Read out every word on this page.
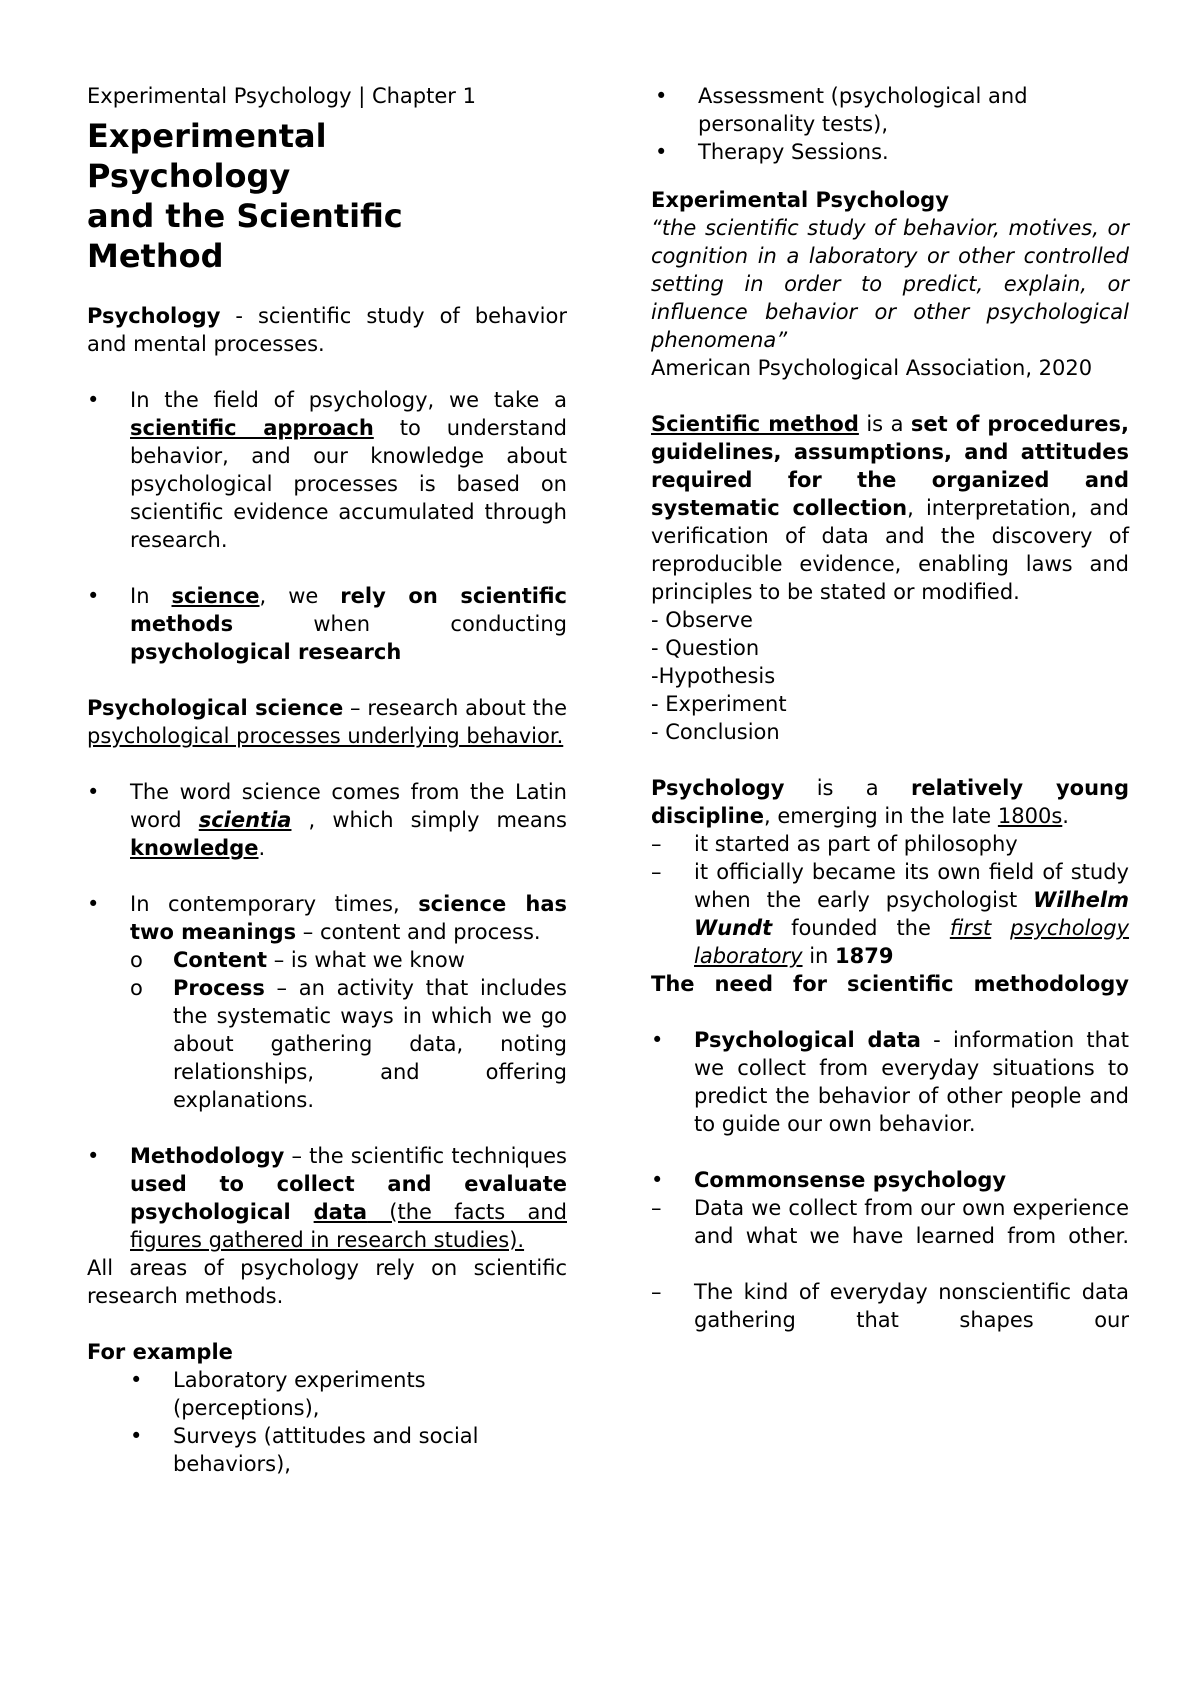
Experimental Psychology | Chapter 1
Experimental
Psychology
and the Scientific
Method

Psychology - scientific study of behavior and mental processes.

•	In the field of psychology, we take a scientific approach to understand behavior, and our knowledge about psychological processes is based on scientific evidence accumulated through research.

•	In science, we rely on scientific methods when conducting psychological research

Psychological science – research about the psychological processes underlying behavior.

•	The word science comes from the Latin word scientia , which simply means knowledge.

•	In contemporary times, science has two meanings – content and process.

o	Content – is what we know

o	Process – an activity that includes the systematic ways in which we go about gathering data, noting relationships, and offering explanations.

•	Methodology – the scientific techniques used to collect and evaluate psychological data (the facts and figures gathered in research studies).

All areas of psychology rely on scientific research methods.

For example

•	Laboratory experiments (perceptions),

•	Surveys (attitudes and social behaviors),

•	Assessment (psychological and personality tests),

•	Therapy Sessions.

Experimental Psychology

“the scientific study of behavior, motives, or cognition in a laboratory or other controlled setting in order to predict, explain, or influence behavior or other psychological phenomena”

American Psychological Association, 2020

Scientific method is a set of procedures, guidelines, assumptions, and attitudes required for the organized and systematic collection, interpretation, and verification of data and the discovery of reproducible evidence, enabling laws and principles to be stated or modified.

- Observe

- Question

-Hypothesis

- Experiment

- Conclusion

Psychology is a relatively young discipline, emerging in the late 1800s.

–	it started as part of philosophy

–	it officially became its own field of study when the early psychologist Wilhelm Wundt founded the first psychology laboratory in 1879

The need for scientific methodology

•	Psychological data - information that we collect from everyday situations to predict the behavior of other people and to guide our own behavior.

•	Commonsense psychology

–	Data we collect from our own experience and what we have learned from other.

–	The kind of everyday nonscientific data gathering that shapes our
